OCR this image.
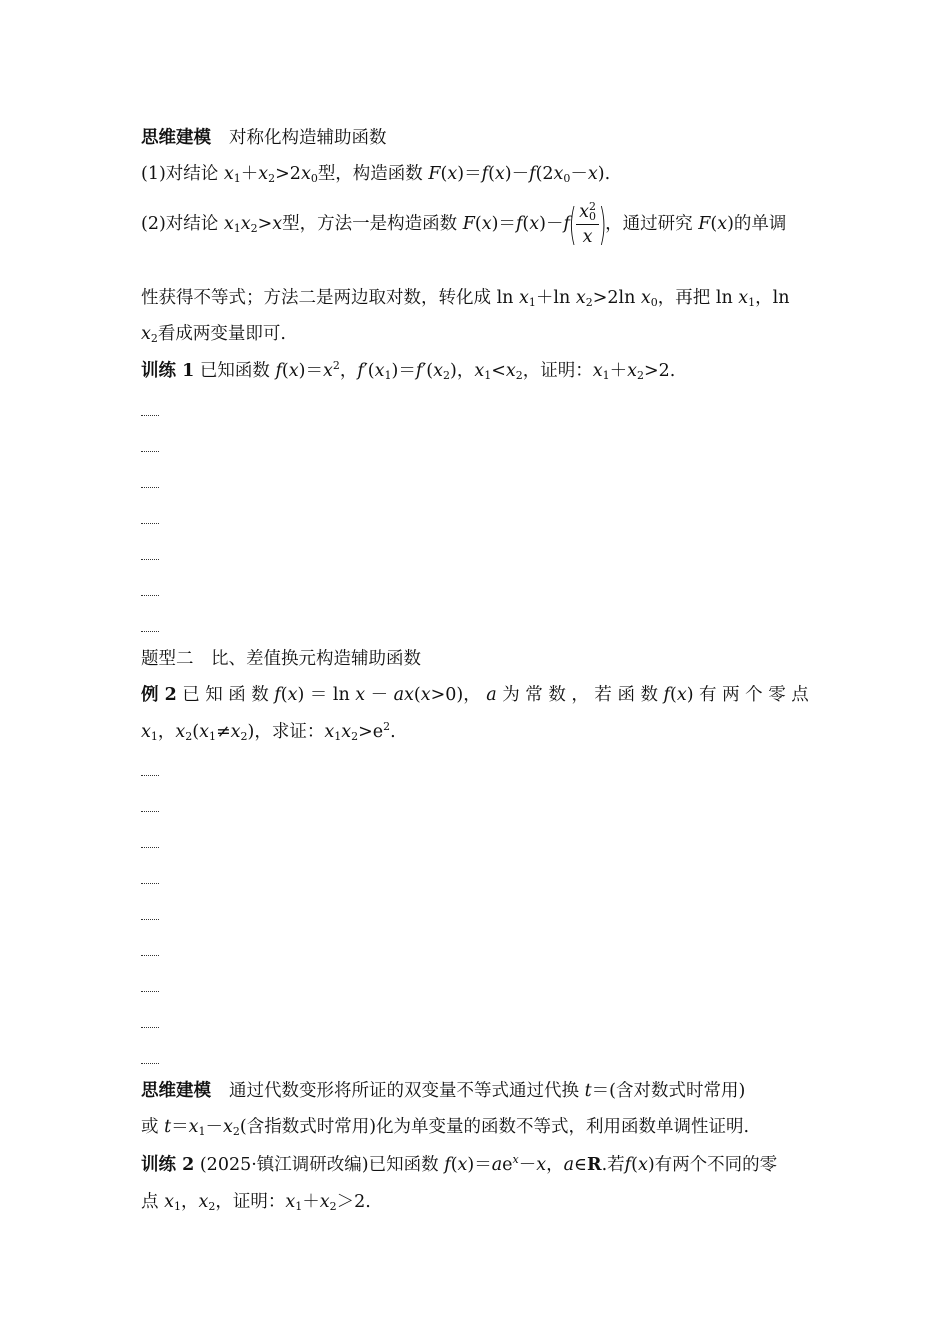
思维建模 对称化构造辅助函数
(1)对结论 $x_1+x_2>2x_0$型，构造函数 $F(x)=f(x)-f(2x_0-x)$.
(2)对结论 $x_1x_2>x$型，方法一是构造函数 $F(x)=f(x)-f( \frac{x^2_0}{x}$ )，通过研究 F(x)的单调
性获得不等式；方法二是两边取对数，转化成 $\ln x_1+\ln$ $x_2>2\ln$ $x_0$，再把 $\ln x_1$，ln
$x_2$看成两变量即可.
训练 1 已知函数 $f(x)=x^2$，$f'(x_1)=f'(x_2)$，$x_1<x_2$，证明：$x_1+x_2>2$.
题型二　比、差值换元构造辅助函数
例 2 已 知 函 数 f(x) ＝ ln x － ax(x>0)， a 为 常 数 ， 若 函 数 f(x) 有 两 个 零 点
$x_1$，$x_2(x_1\ne x_2)$，求证：$x_1x_2>e^2$.
思维建模 通过代数变形将所证的双变量不等式通过代换 t＝(含对数式时常用)
或 $t=x_1-x_2$(含指数式时常用)化为单变量的函数不等式，利用函数单调性证明.
训练 2 (2025·镇江调研改编)已知函数 $f(x)=ae^x-x$，a∈R.若f(x)有两个不同的零
点 $x_1$，$x_2$，证明：$x_1+x_2>2$.
